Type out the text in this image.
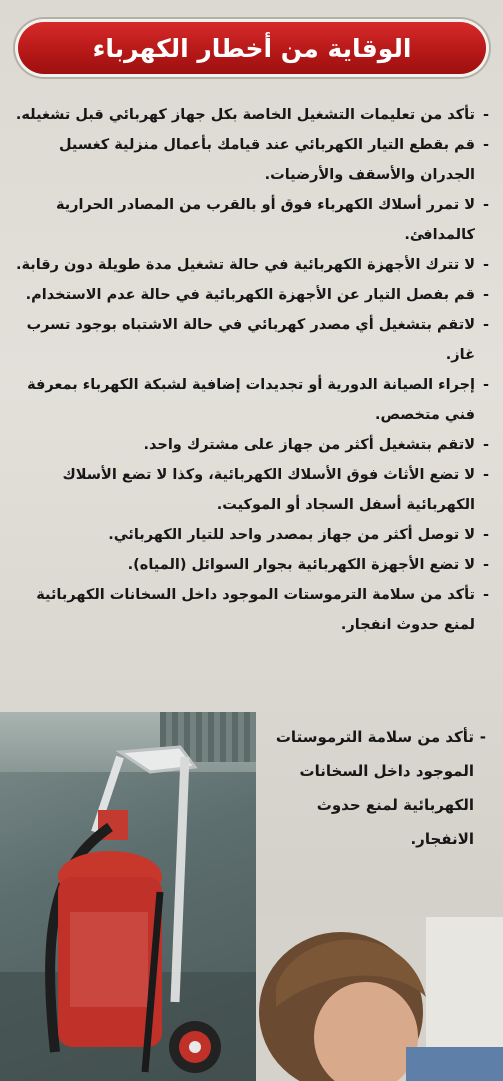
الوقاية من أخطار الكهرباء

-
تأكد من تعليمات التشغيل الخاصة بكل جهاز كهربائي قبل تشغيله.

-
قم بقطع التيار الكهربائي عند قيامك بأعمال منزلية كغسيل الجدران والأسقف والأرضيات.

-
لا تمرر أسلاك الكهرباء فوق أو بالقرب من المصادر الحرارية كالمدافئ.

-
لا تترك الأجهزة الكهربائية في حالة تشغيل مدة طويلة دون رقابة.

-
قم بفصل التيار عن الأجهزة الكهربائية في حالة عدم الاستخدام.

-
لاتقم بتشغيل أي مصدر كهربائي في حالة الاشتباه بوجود تسرب غاز.

-
إجراء الصيانة الدورية أو تجديدات إضافية لشبكة الكهرباء بمعرفة فني متخصص.

-
لاتقم بتشغيل أكثر من جهاز على مشترك واحد.

-
لا تضع الأثاث فوق الأسلاك الكهربائية، وكذا لا تضع الأسلاك الكهربائية أسفل السجاد أو الموكيت.

-
لا توصل أكثر من جهاز بمصدر واحد للتيار الكهربائي.

-
لا تضع الأجهزة الكهربائية بجوار السوائل (المياه).

-
تأكد من سلامة الترموستات الموجود داخل السخانات الكهربائية لمنع حدوث انفجار.

-
تأكد من سلامة الترموستات الموجود داخل السخانات الكهربائية لمنع حدوث الانفجار.
